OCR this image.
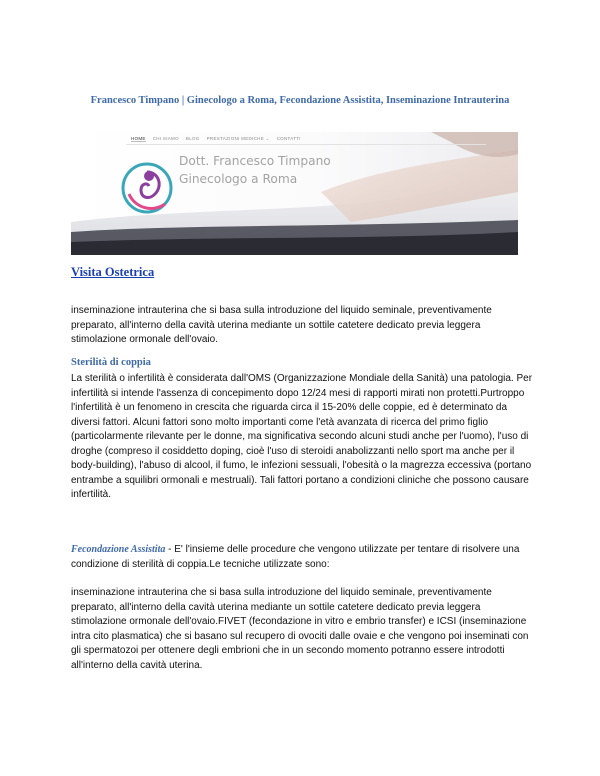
Francesco Timpano | Ginecologo a Roma, Fecondazione Assistita, Inseminazione Intrauterina
HOME CHI SIAMO BLOG PRESTAZIONI MEDICHE ⌄ CONTATTI
Dott. Francesco Timpano
Ginecologo a Roma
Visita Ostetrica
inseminazione intrauterina che si basa sulla introduzione del liquido seminale, preventivamente preparato, all'interno della cavità uterina mediante un sottile catetere dedicato previa leggera stimolazione ormonale dell'ovaio.
Sterilità di coppia
La sterilità o infertilità è considerata dall'OMS (Organizzazione Mondiale della Sanità) una patologia. Per infertilità si intende l'assenza di concepimento dopo 12/24 mesi di rapporti mirati non protetti.Purtroppo l'infertilità è un fenomeno in crescita che riguarda circa il 15-20% delle coppie, ed è determinato da diversi fattori. Alcuni fattori sono molto importanti come l'età avanzata di ricerca del primo figlio (particolarmente rilevante per le donne, ma significativa secondo alcuni studi anche per l'uomo), l'uso di droghe (compreso il cosiddetto doping, cioè l'uso di steroidi anabolizzanti nello sport ma anche per il body-building), l'abuso di alcool, il fumo, le infezioni sessuali, l'obesità o la magrezza eccessiva (portano entrambe a squilibri ormonali e mestruali). Tali fattori portano a condizioni cliniche che possono causare infertilità.
Fecondazione Assistita - E' l'insieme delle procedure che vengono utilizzate per tentare di risolvere una condizione di sterilità di coppia.Le tecniche utilizzate sono:
inseminazione intrauterina che si basa sulla introduzione del liquido seminale, preventivamente preparato, all'interno della cavità uterina mediante un sottile catetere dedicato previa leggera stimolazione ormonale dell'ovaio.FIVET (fecondazione in vitro e embrio transfer) e ICSI (inseminazione intra cito plasmatica) che si basano sul recupero di ovociti dalle ovaie e che vengono poi inseminati con gli spermatozoi per ottenere degli embrioni che in un secondo momento potranno essere introdotti all'interno della cavità uterina.
